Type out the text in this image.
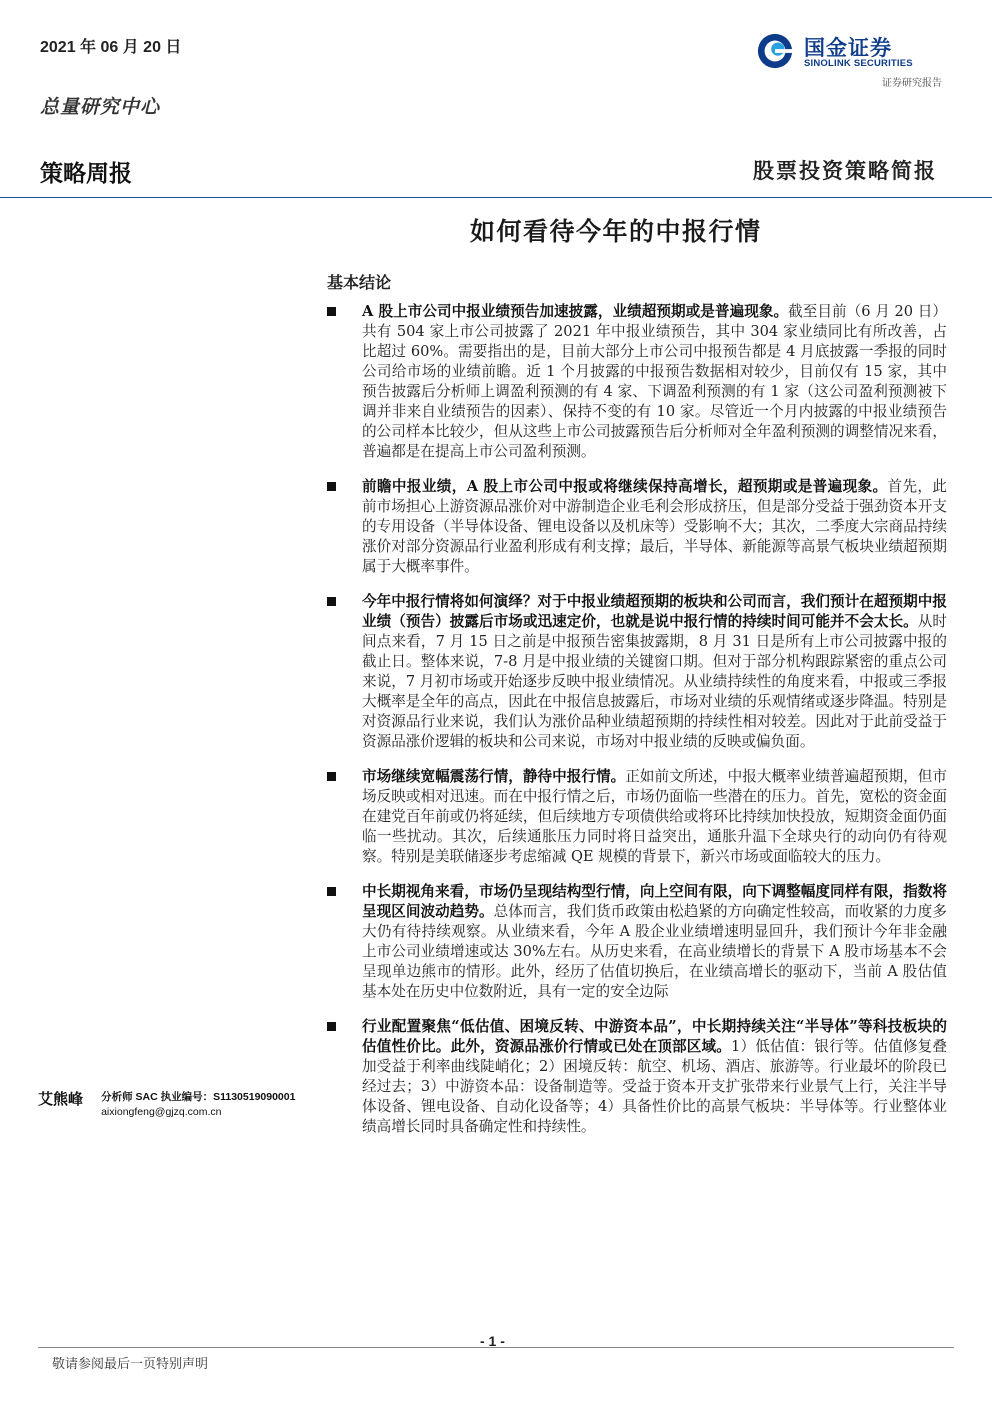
2021 年 06 月 20 日
总量研究中心
国金证券
SINOLINK SECURITIES
证券研究报告
策略周报	股票投资策略简报
如何看待今年的中报行情
基本结论
A 股上市公司中报业绩预告加速披露，业绩超预期或是普遍现象。截至目前（6 月 20 日）共有 504 家上市公司披露了 2021 年中报业绩预告，其中 304 家业绩同比有所改善，占比超过 60%。需要指出的是，目前大部分上市公司中报预告都是 4 月底披露一季报的同时公司给市场的业绩前瞻。近 1 个月披露的中报预告数据相对较少，目前仅有 15 家，其中预告披露后分析师上调盈利预测的有 4 家、下调盈利预测的有 1 家（这公司盈利预测被下调并非来自业绩预告的因素）、保持不变的有 10 家。尽管近一个月内披露的中报业绩预告的公司样本比较少，但从这些上市公司披露预告后分析师对全年盈利预测的调整情况来看，普遍都是在提高上市公司盈利预测。
前瞻中报业绩，A 股上市公司中报或将继续保持高增长，超预期或是普遍现象。首先，此前市场担心上游资源品涨价对中游制造企业毛利会形成挤压，但是部分受益于强劲资本开支的专用设备（半导体设备、锂电设备以及机床等）受影响不大；其次，二季度大宗商品持续涨价对部分资源品行业盈利形成有利支撑；最后，半导体、新能源等高景气板块业绩超预期属于大概率事件。
今年中报行情将如何演绎？对于中报业绩超预期的板块和公司而言，我们预计在超预期中报业绩（预告）披露后市场或迅速定价，也就是说中报行情的持续时间可能并不会太长。从时间点来看，7 月 15 日之前是中报预告密集披露期，8 月 31 日是所有上市公司披露中报的截止日。整体来说，7-8 月是中报业绩的关键窗口期。但对于部分机构跟踪紧密的重点公司来说，7 月初市场或开始逐步反映中报业绩情况。从业绩持续性的角度来看，中报或三季报大概率是全年的高点，因此在中报信息披露后，市场对业绩的乐观情绪或逐步降温。特别是对资源品行业来说，我们认为涨价品种业绩超预期的持续性相对较差。因此对于此前受益于资源品涨价逻辑的板块和公司来说，市场对中报业绩的反映或偏负面。
市场继续宽幅震荡行情，静待中报行情。正如前文所述，中报大概率业绩普遍超预期，但市场反映或相对迅速。而在中报行情之后，市场仍面临一些潜在的压力。首先，宽松的资金面在建党百年前或仍将延续，但后续地方专项债供给或将环比持续加快投放，短期资金面仍面临一些扰动。其次，后续通胀压力同时将日益突出，通胀升温下全球央行的动向仍有待观察。特别是美联储逐步考虑缩减 QE 规模的背景下，新兴市场或面临较大的压力。
中长期视角来看，市场仍呈现结构型行情，向上空间有限，向下调整幅度同样有限，指数将呈现区间波动趋势。总体而言，我们货币政策由松趋紧的方向确定性较高，而收紧的力度多大仍有待持续观察。从业绩来看，今年 A 股企业业绩增速明显回升，我们预计今年非金融上市公司业绩增速或达 30%左右。从历史来看，在高业绩增长的背景下 A 股市场基本不会呈现单边熊市的情形。此外，经历了估值切换后，在业绩高增长的驱动下，当前 A 股估值基本处在历史中位数附近，具有一定的安全边际
行业配置聚焦“低估值、困境反转、中游资本品”，中长期持续关注“半导体”等科技板块的估值性价比。此外，资源品涨价行情或已处在顶部区域。1）低估值：银行等。估值修复叠加受益于利率曲线陡峭化；2）困境反转：航空、机场、酒店、旅游等。行业最坏的阶段已经过去；3）中游资本品：设备制造等。受益于资本开支扩张带来行业景气上行，关注半导体设备、锂电设备、自动化设备等；4）具备性价比的高景气板块：半导体等。行业整体业绩高增长同时具备确定性和持续性。
艾熊峰 分析师 SAC 执业编号：S1130519090001
aixiongfeng@gjzq.com.cn
- 1 -
敬请参阅最后一页特别声明
